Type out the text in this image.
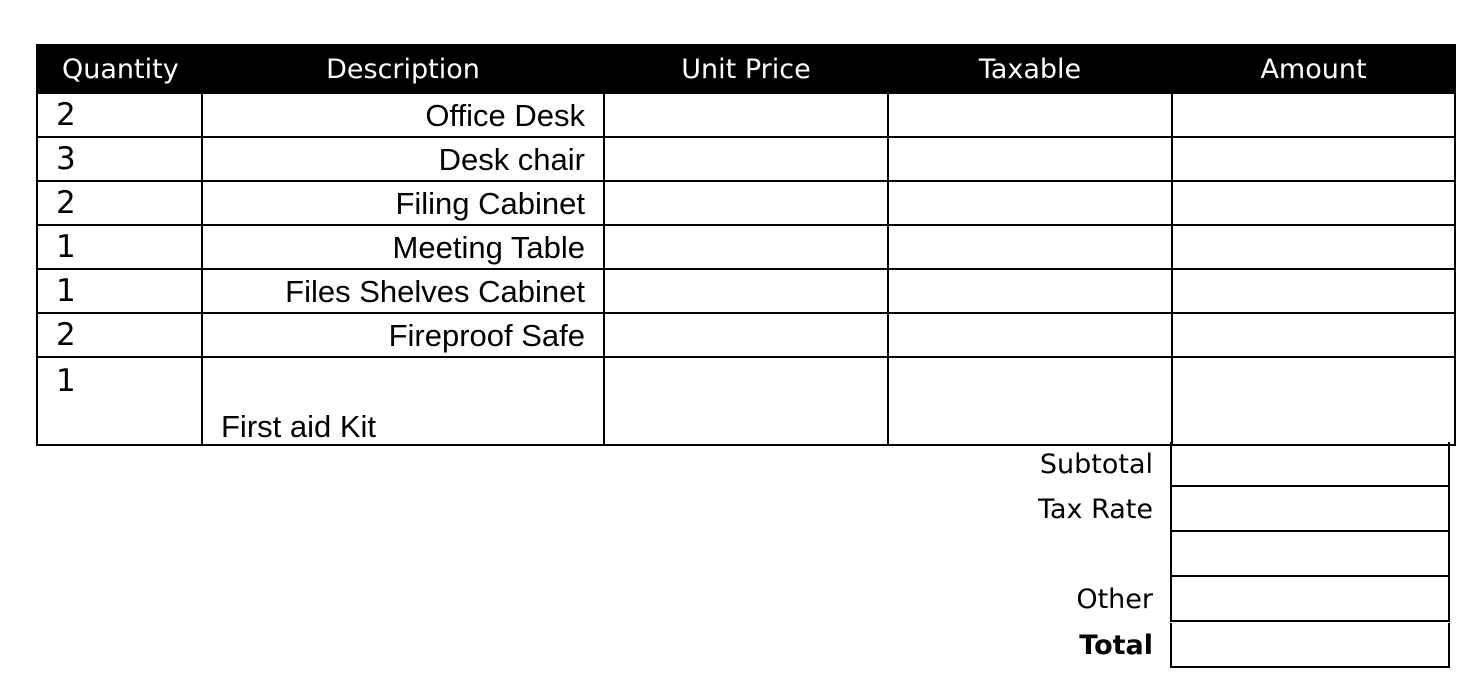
Quantity	Description	Unit Price	Taxable	Amount
2	Office Desk			
3	Desk chair			
2	Filing Cabinet			
1	Meeting Table			
1	Files Shelves Cabinet			
2	Fireproof Safe			
1	First aid Kit			
Subtotal
Tax Rate
Other
Total
